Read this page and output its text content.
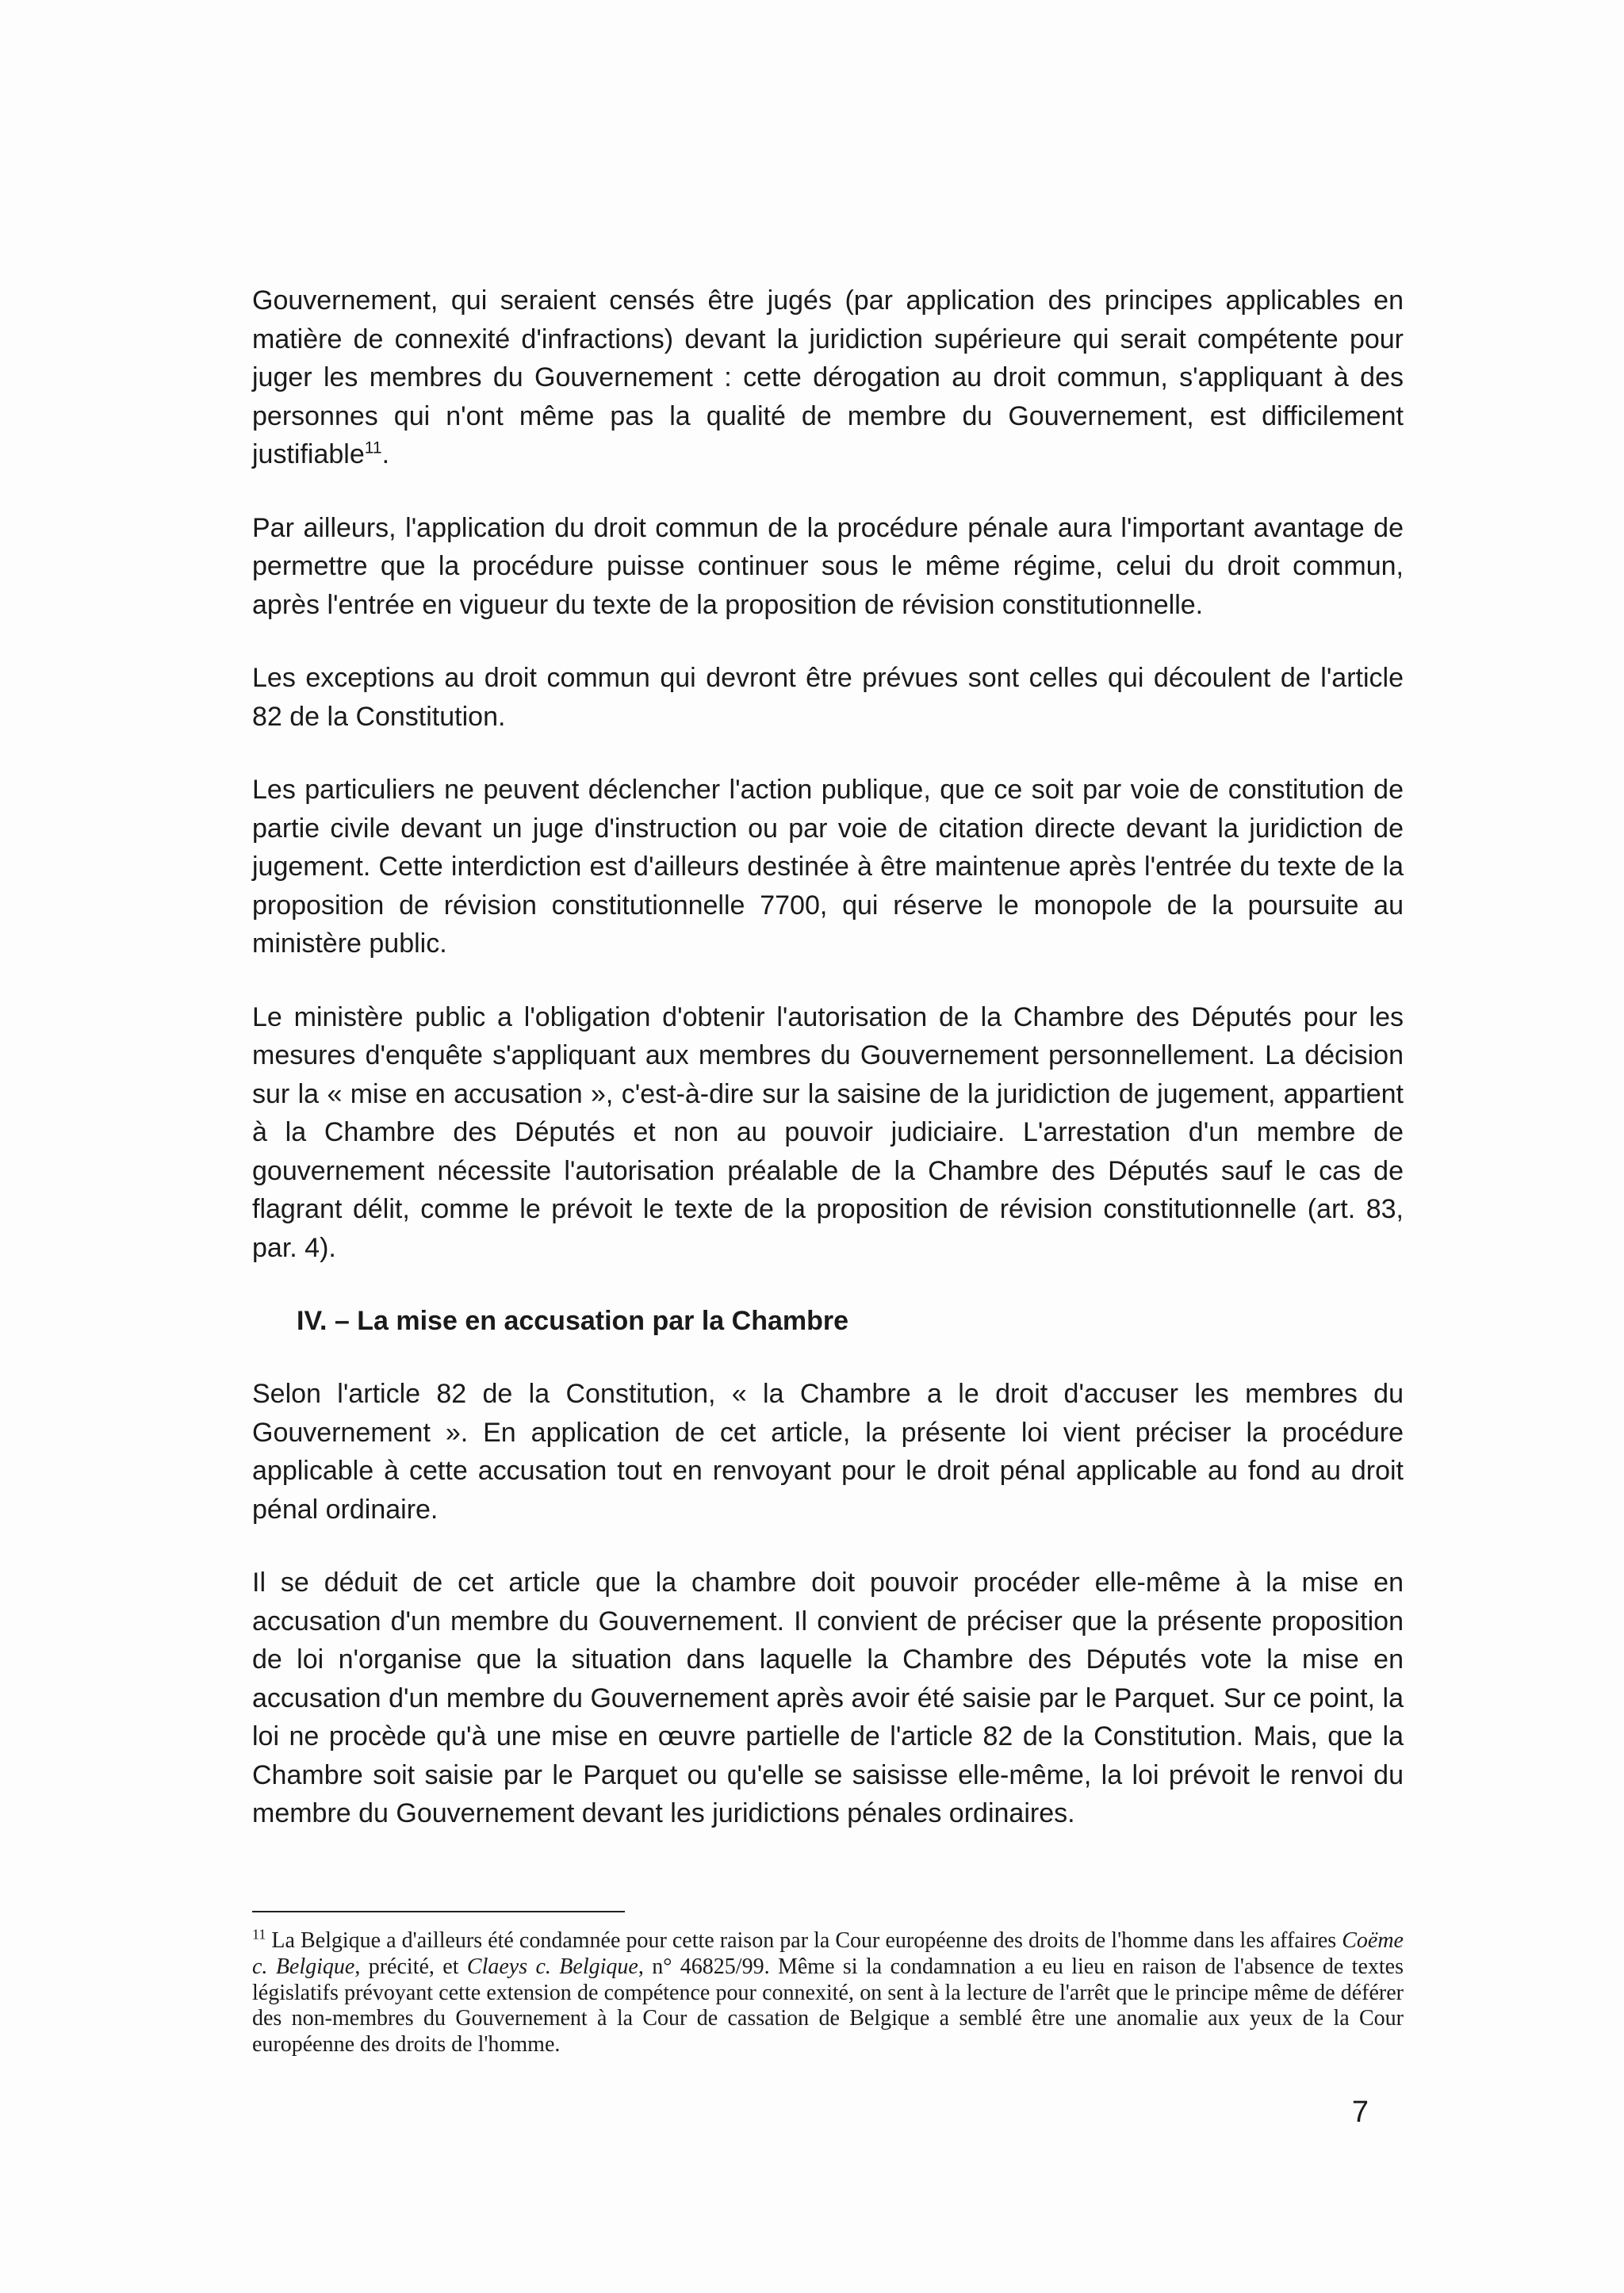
Gouvernement, qui seraient censés être jugés (par application des principes applicables en matière de connexité d'infractions) devant la juridiction supérieure qui serait compétente pour juger les membres du Gouvernement : cette dérogation au droit commun, s'appliquant à des personnes qui n'ont même pas la qualité de membre du Gouvernement, est difficilement justifiable$^{11}$.

Par ailleurs, l'application du droit commun de la procédure pénale aura l'important avantage de permettre que la procédure puisse continuer sous le même régime, celui du droit commun, après l'entrée en vigueur du texte de la proposition de révision constitutionnelle.

Les exceptions au droit commun qui devront être prévues sont celles qui découlent de l'article 82 de la Constitution.

Les particuliers ne peuvent déclencher l'action publique, que ce soit par voie de constitution de partie civile devant un juge d'instruction ou par voie de citation directe devant la juridiction de jugement. Cette interdiction est d'ailleurs destinée à être maintenue après l'entrée du texte de la proposition de révision constitutionnelle 7700, qui réserve le monopole de la poursuite au ministère public.

Le ministère public a l'obligation d'obtenir l'autorisation de la Chambre des Députés pour les mesures d'enquête s'appliquant aux membres du Gouvernement personnellement. La décision sur la « mise en accusation », c'est-à-dire sur la saisine de la juridiction de jugement, appartient à la Chambre des Députés et non au pouvoir judiciaire. L'arrestation d'un membre de gouvernement nécessite l'autorisation préalable de la Chambre des Députés sauf le cas de flagrant délit, comme le prévoit le texte de la proposition de révision constitutionnelle (art. 83, par. 4).

IV. – La mise en accusation par la Chambre

Selon l'article 82 de la Constitution, « la Chambre a le droit d'accuser les membres du Gouvernement ». En application de cet article, la présente loi vient préciser la procédure applicable à cette accusation tout en renvoyant pour le droit pénal applicable au fond au droit pénal ordinaire.

Il se déduit de cet article que la chambre doit pouvoir procéder elle-même à la mise en accusation d'un membre du Gouvernement. Il convient de préciser que la présente proposition de loi n'organise que la situation dans laquelle la Chambre des Députés vote la mise en accusation d'un membre du Gouvernement après avoir été saisie par le Parquet. Sur ce point, la loi ne procède qu'à une mise en œuvre partielle de l'article 82 de la Constitution. Mais, que la Chambre soit saisie par le Parquet ou qu'elle se saisisse elle-même, la loi prévoit le renvoi du membre du Gouvernement devant les juridictions pénales ordinaires.

$^{11}$ La Belgique a d'ailleurs été condamnée pour cette raison par la Cour européenne des droits de l'homme dans les affaires Coëme c. Belgique, précité, et Claeys c. Belgique, n° 46825/99. Même si la condamnation a eu lieu en raison de l'absence de textes législatifs prévoyant cette extension de compétence pour connexité, on sent à la lecture de l'arrêt que le principe même de déférer des non-membres du Gouvernement à la Cour de cassation de Belgique a semblé être une anomalie aux yeux de la Cour européenne des droits de l'homme.

7
